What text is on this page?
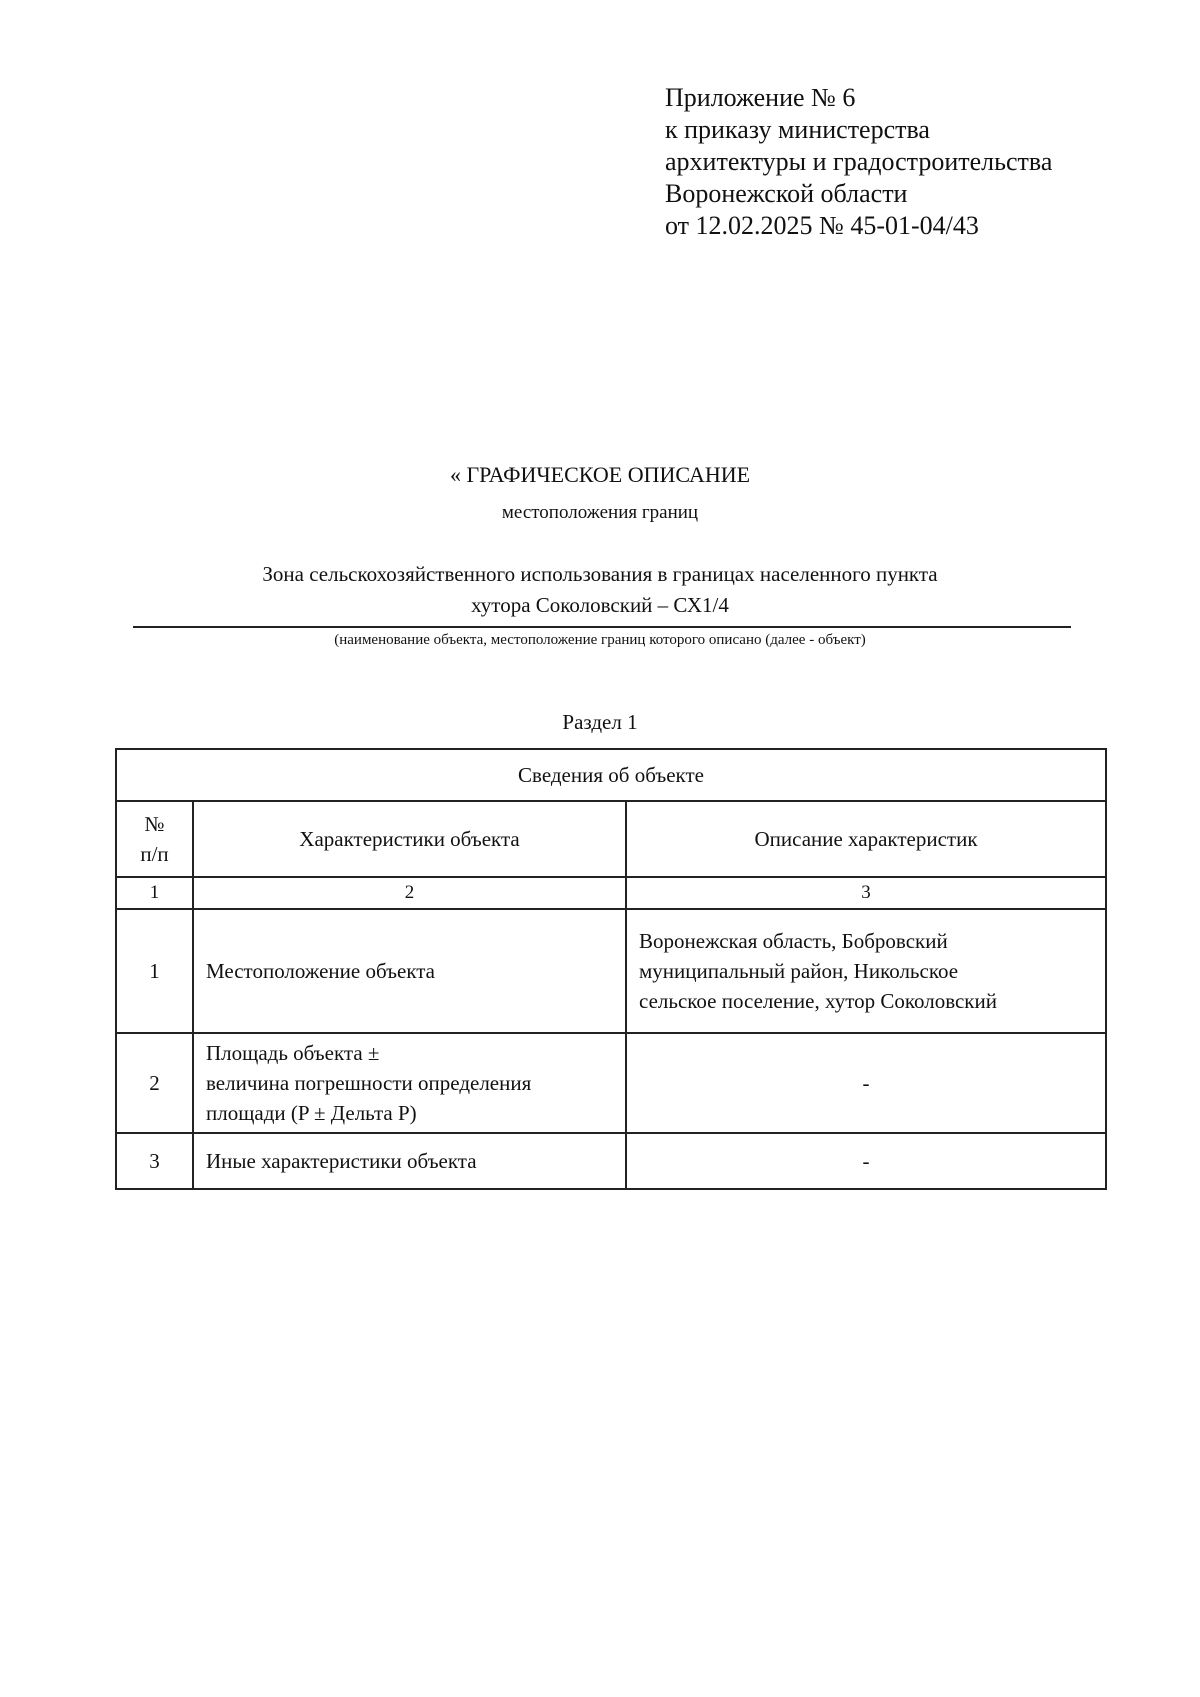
Приложение № 6
к приказу министерства
архитектуры и градостроительства
Воронежской области
от 12.02.2025 № 45-01-04/43
« ГРАФИЧЕСКОЕ ОПИСАНИЕ
местоположения границ
Зона сельскохозяйственного использования в границах населенного пункта
хутора Соколовский – СХ1/4
(наименование объекта, местоположение границ которого описано (далее - объект)
Раздел 1
Сведения об объекте		

№
п/п	Характеристики объекта	Описание характеристик
1	2	3
1	Местоположение объекта	Воронежская область, Бобровский
муниципальный район, Никольское
сельское поселение, хутор Соколовский

2	Площадь объекта ±
величина погрешности определения
площади (P ± Дельта P)	-

3	Иные характеристики объекта	-
